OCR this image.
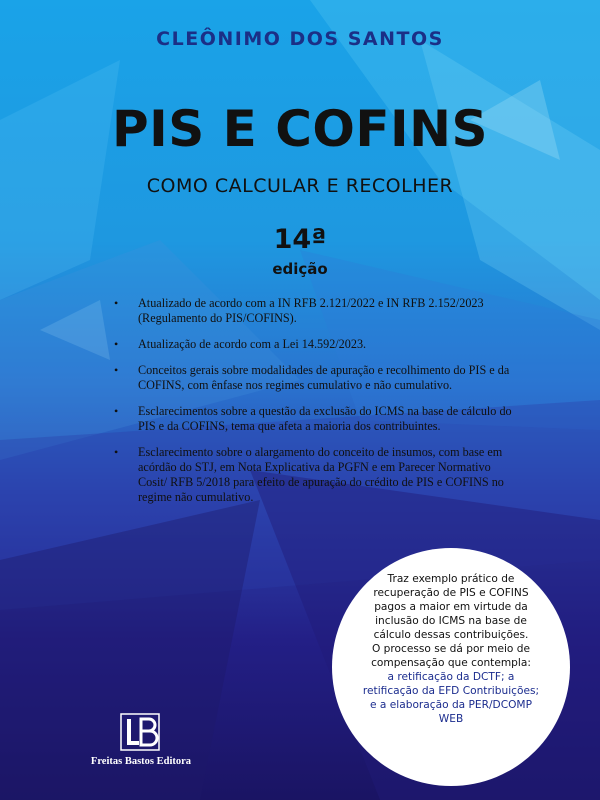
CLEÔNIMO DOS SANTOS
PIS E COFINS
COMO CALCULAR E RECOLHER
14ª
edição
• Atualizado de acordo com a IN RFB 2.121/2022 e IN RFB 2.152/2023 (Regulamento do PIS/COFINS).
• Atualização de acordo com a Lei 14.592/2023.
• Conceitos gerais sobre modalidades de apuração e recolhimento do PIS e da COFINS, com ênfase nos regimes cumulativo e não cumulativo.
• Esclarecimentos sobre a questão da exclusão do ICMS na base de cálculo do PIS e da COFINS, tema que afeta a maioria dos contribuintes.
• Esclarecimento sobre o alargamento do conceito de insumos, com base em acórdão do STJ, em Nota Explicativa da PGFN e em Parecer Normativo Cosit/ RFB 5/2018 para efeito de apuração do crédito de PIS e COFINS no regime não cumulativo.
Traz exemplo prático de
recuperação de PIS e COFINS
pagos a maior em virtude da
inclusão do ICMS na base de
cálculo dessas contribuições.
O processo se dá por meio de
compensação que contempla:
a retificação da DCTF; a
retificação da EFD Contribuições;
e a elaboração da PER/DCOMP
WEB
Freitas Bastos Editora
